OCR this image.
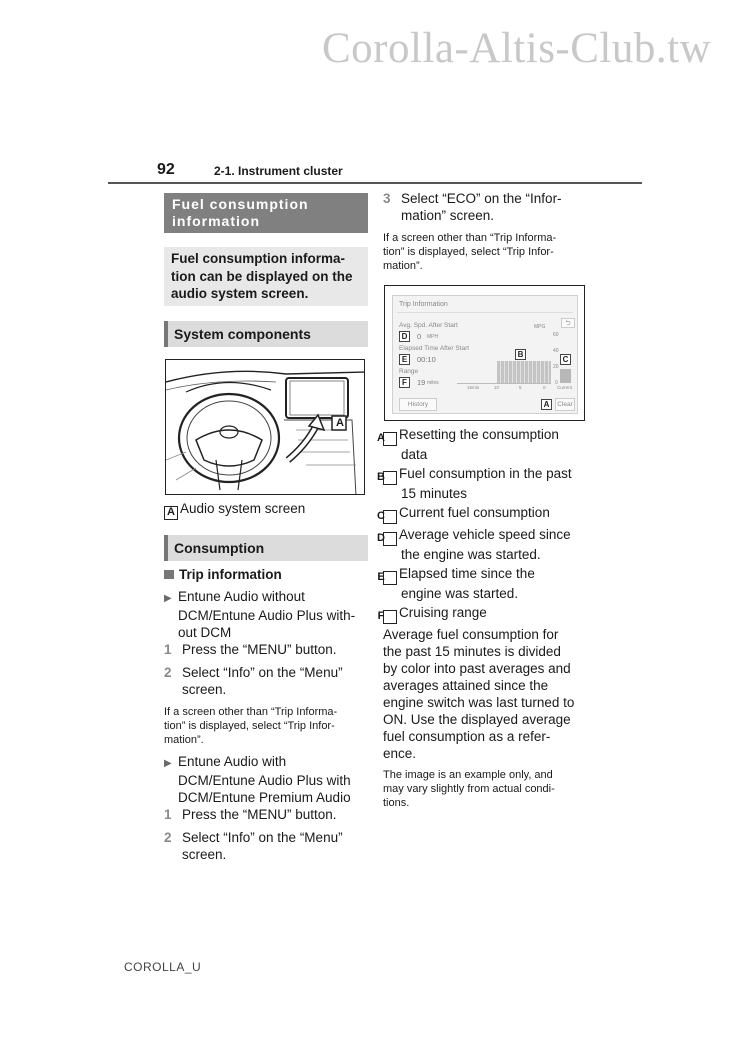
Corolla-Altis-Club.tw
92	2-1. Instrument cluster
Fuel consumption
information
Fuel consumption informa-
tion can be displayed on the
audio system screen.
System components
A
A Audio system screen
Consumption
Trip information
▶ Entune Audio without
DCM/Entune Audio Plus with-
out DCM
1 Press the “MENU” button.
2 Select “Info” on the “Menu”
screen.
If a screen other than “Trip Informa-
tion” is displayed, select “Trip Infor-
mation”.
▶ Entune Audio with
DCM/Entune Audio Plus with
DCM/Entune Premium Audio
1 Press the “MENU” button.
2 Select “Info” on the “Menu”
screen.
3 Select “ECO” on the “Infor-
mation” screen.
If a screen other than “Trip Informa-
tion” is displayed, select “Trip Infor-
mation”.
Trip Information
⮌
Avg. Spd. After Start
D	0 MPH
Elapsed Time After Start
E	00:10
Range
F	19 miles
MPG
60
40
20
0
B
C
15min	10	5	0	Current
History	A	Clear
A Resetting the consumption
data
B Fuel consumption in the past
15 minutes
C Current fuel consumption
D Average vehicle speed since
the engine was started.
E Elapsed time since the
engine was started.
F Cruising range
Average fuel consumption for
the past 15 minutes is divided
by color into past averages and
averages attained since the
engine switch was last turned to
ON. Use the displayed average
fuel consumption as a refer-
ence.
The image is an example only, and
may vary slightly from actual condi-
tions.
COROLLA_U
